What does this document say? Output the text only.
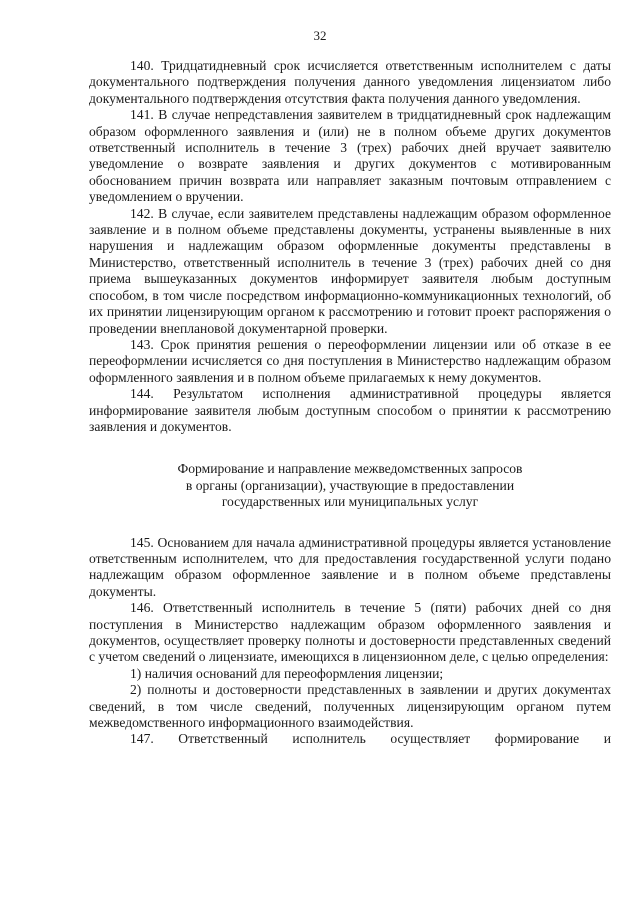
32

140. Тридцатидневный срок исчисляется ответственным исполнителем с даты документального подтверждения получения данного уведомления лицензиатом либо документального подтверждения отсутствия факта получения данного уведомления.

141. В случае непредставления заявителем в тридцатидневный срок надлежащим образом оформленного заявления и (или) не в полном объеме других документов ответственный исполнитель в течение 3 (трех) рабочих дней вручает заявителю уведомление о возврате заявления и других документов с мотивированным обоснованием причин возврата или направляет заказным почтовым отправлением с уведомлением о вручении.

142. В случае, если заявителем представлены надлежащим образом оформленное заявление и в полном объеме представлены документы, устранены выявленные в них нарушения и надлежащим образом оформленные документы представлены в Министерство, ответственный исполнитель в течение 3 (трех) рабочих дней со дня приема вышеуказанных документов информирует заявителя любым доступным способом, в том числе посредством информационно-коммуникационных технологий, об их принятии лицензирующим органом к рассмотрению и готовит проект распоряжения о проведении внеплановой документарной проверки.

143. Срок принятия решения о переоформлении лицензии или об отказе в ее переоформлении исчисляется со дня поступления в Министерство надлежащим образом оформленного заявления и в полном объеме прилагаемых к нему документов.

144. Результатом исполнения административной процедуры является информирование заявителя любым доступным способом о принятии к рассмотрению заявления и документов.

Формирование и направление межведомственных запросов
в органы (организации), участвующие в предоставлении
государственных или муниципальных услуг

145. Основанием для начала административной процедуры является установление ответственным исполнителем, что для предоставления государственной услуги подано надлежащим образом оформленное заявление и в полном объеме представлены документы.

146. Ответственный исполнитель в течение 5 (пяти) рабочих дней со дня поступления в Министерство надлежащим образом оформленного заявления и документов, осуществляет проверку полноты и достоверности представленных сведений с учетом сведений о лицензиате, имеющихся в лицензионном деле, с целью определения:

1) наличия оснований для переоформления лицензии;

2) полноты и достоверности представленных в заявлении и других документах сведений, в том числе сведений, полученных лицензирующим органом путем межведомственного информационного взаимодействия.

147. Ответственный исполнитель осуществляет формирование и
